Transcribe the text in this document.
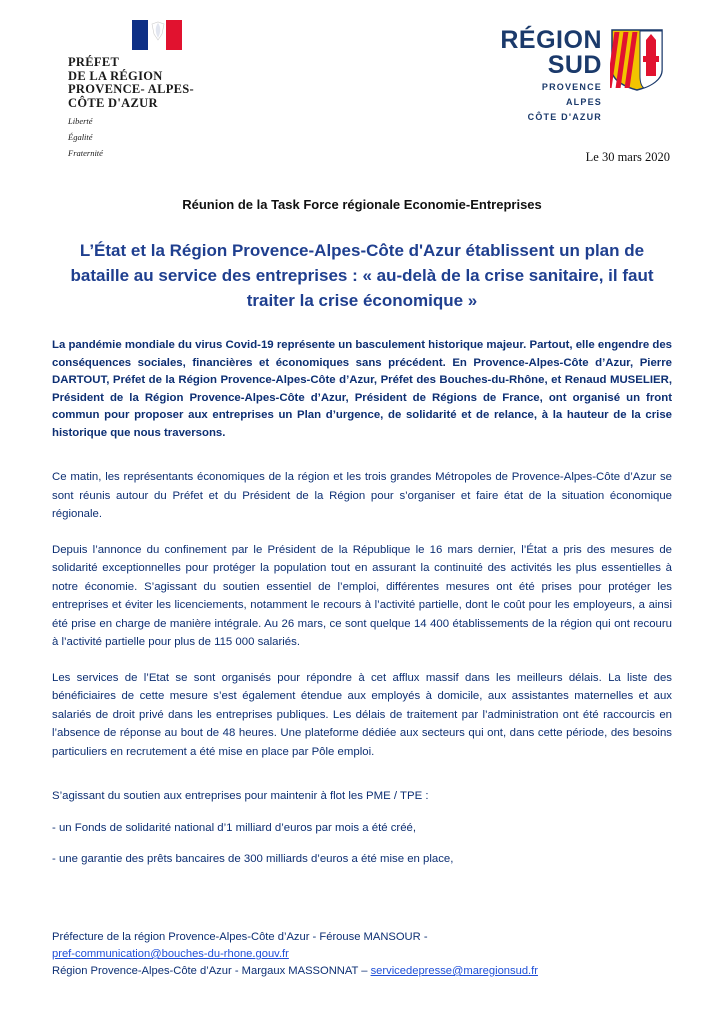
PRÉFET
DE LA RÉGION
PROVENCE- ALPES-
CÔTE D'AZUR
Liberté
Égalité
Fraternité
RÉGION
SUD
PROVENCE
ALPES
CÔTE D'AZUR
Le 30 mars 2020
Réunion de la Task Force régionale Economie-Entreprises
L’État et la Région Provence-Alpes-Côte d'Azur établissent un plan de bataille au service des entreprises : « au-delà de la crise sanitaire, il faut traiter la crise économique »
La pandémie mondiale du virus Covid-19 représente un basculement historique majeur. Partout, elle engendre des conséquences sociales, financières et économiques sans précédent. En Provence-Alpes-Côte d’Azur, Pierre DARTOUT, Préfet de la Région Provence-Alpes-Côte d’Azur, Préfet des Bouches-du-Rhône, et Renaud MUSELIER, Président de la Région Provence-Alpes-Côte d’Azur, Président de Régions de France, ont organisé un front commun pour proposer aux entreprises un Plan d’urgence, de solidarité et de relance, à la hauteur de la crise historique que nous traversons.

Ce matin, les représentants économiques de la région et les trois grandes Métropoles de Provence-Alpes-Côte d’Azur se sont réunis autour du Préfet et du Président de la Région pour s’organiser et faire état de la situation économique régionale.

Depuis l’annonce du confinement par le Président de la République le 16 mars dernier, l’État a pris des mesures de solidarité exceptionnelles pour protéger la population tout en assurant la continuité des activités les plus essentielles à notre économie. S’agissant du soutien essentiel de l’emploi, différentes mesures ont été prises pour protéger les entreprises et éviter les licenciements, notamment le recours à l’activité partielle, dont le coût pour les employeurs, a ainsi été prise en charge de manière intégrale. Au 26 mars, ce sont quelque 14 400 établissements de la région qui ont recouru à l’activité partielle pour plus de 115 000 salariés.

Les services de l’Etat se sont organisés pour répondre à cet afflux massif dans les meilleurs délais. La liste des bénéficiaires de cette mesure s’est également étendue aux employés à domicile, aux assistantes maternelles et aux salariés de droit privé dans les entreprises publiques. Les délais de traitement par l’administration ont été raccourcis en l’absence de réponse au bout de 48 heures. Une plateforme dédiée aux secteurs qui ont, dans cette période, des besoins particuliers en recrutement a été mise en place par Pôle emploi.

S’agissant du soutien aux entreprises pour maintenir à flot les PME / TPE :

- un Fonds de solidarité national d’1 milliard d’euros par mois a été créé,

- une garantie des prêts bancaires de 300 milliards d’euros a été mise en place,

Préfecture de la région Provence-Alpes-Côte d’Azur - Férouse MANSOUR -
pref-communication@bouches-du-rhone.gouv.fr
Région Provence-Alpes-Côte d’Azur - Margaux MASSONNAT – servicedepresse@maregionsud.fr
